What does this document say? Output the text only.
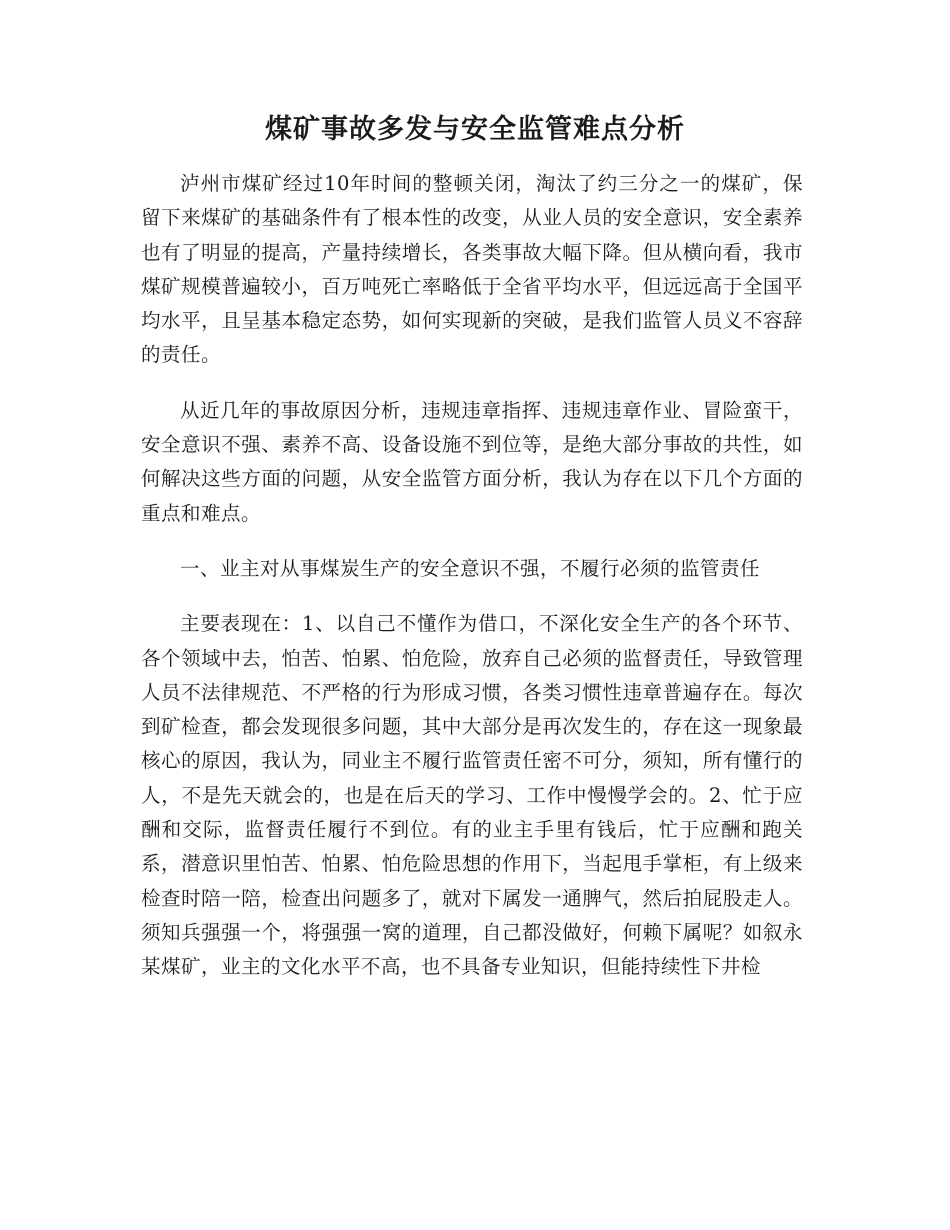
煤矿事故多发与安全监管难点分析

泸州市煤矿经过10年时间的整顿关闭，淘汰了约三分之一的煤矿，保留下来煤矿的基础条件有了根本性的改变，从业人员的安全意识，安全素养也有了明显的提高，产量持续增长，各类事故大幅下降。但从横向看，我市煤矿规模普遍较小，百万吨死亡率略低于全省平均水平，但远远高于全国平均水平，且呈基本稳定态势，如何实现新的突破，是我们监管人员义不容辞的责任。

从近几年的事故原因分析，违规违章指挥、违规违章作业、冒险蛮干，安全意识不强、素养不高、设备设施不到位等，是绝大部分事故的共性，如何解决这些方面的问题，从安全监管方面分析，我认为存在以下几个方面的重点和难点。

一、业主对从事煤炭生产的安全意识不强，不履行必须的监管责任

主要表现在：1、以自己不懂作为借口，不深化安全生产的各个环节、各个领域中去，怕苦、怕累、怕危险，放弃自己必须的监督责任，导致管理人员不法律规范、不严格的行为形成习惯，各类习惯性违章普遍存在。每次到矿检查，都会发现很多问题，其中大部分是再次发生的，存在这一现象最核心的原因，我认为，同业主不履行监管责任密不可分，须知，所有懂行的人，不是先天就会的，也是在后天的学习、工作中慢慢学会的。2、忙于应酬和交际，监督责任履行不到位。有的业主手里有钱后，忙于应酬和跑关系，潜意识里怕苦、怕累、怕危险思想的作用下，当起甩手掌柜，有上级来检查时陪一陪，检查出问题多了，就对下属发一通脾气，然后拍屁股走人。须知兵强强一个，将强强一窝的道理，自己都没做好，何赖下属呢？如叙永某煤矿，业主的文化水平不高，也不具备专业知识，但能持续性下井检
